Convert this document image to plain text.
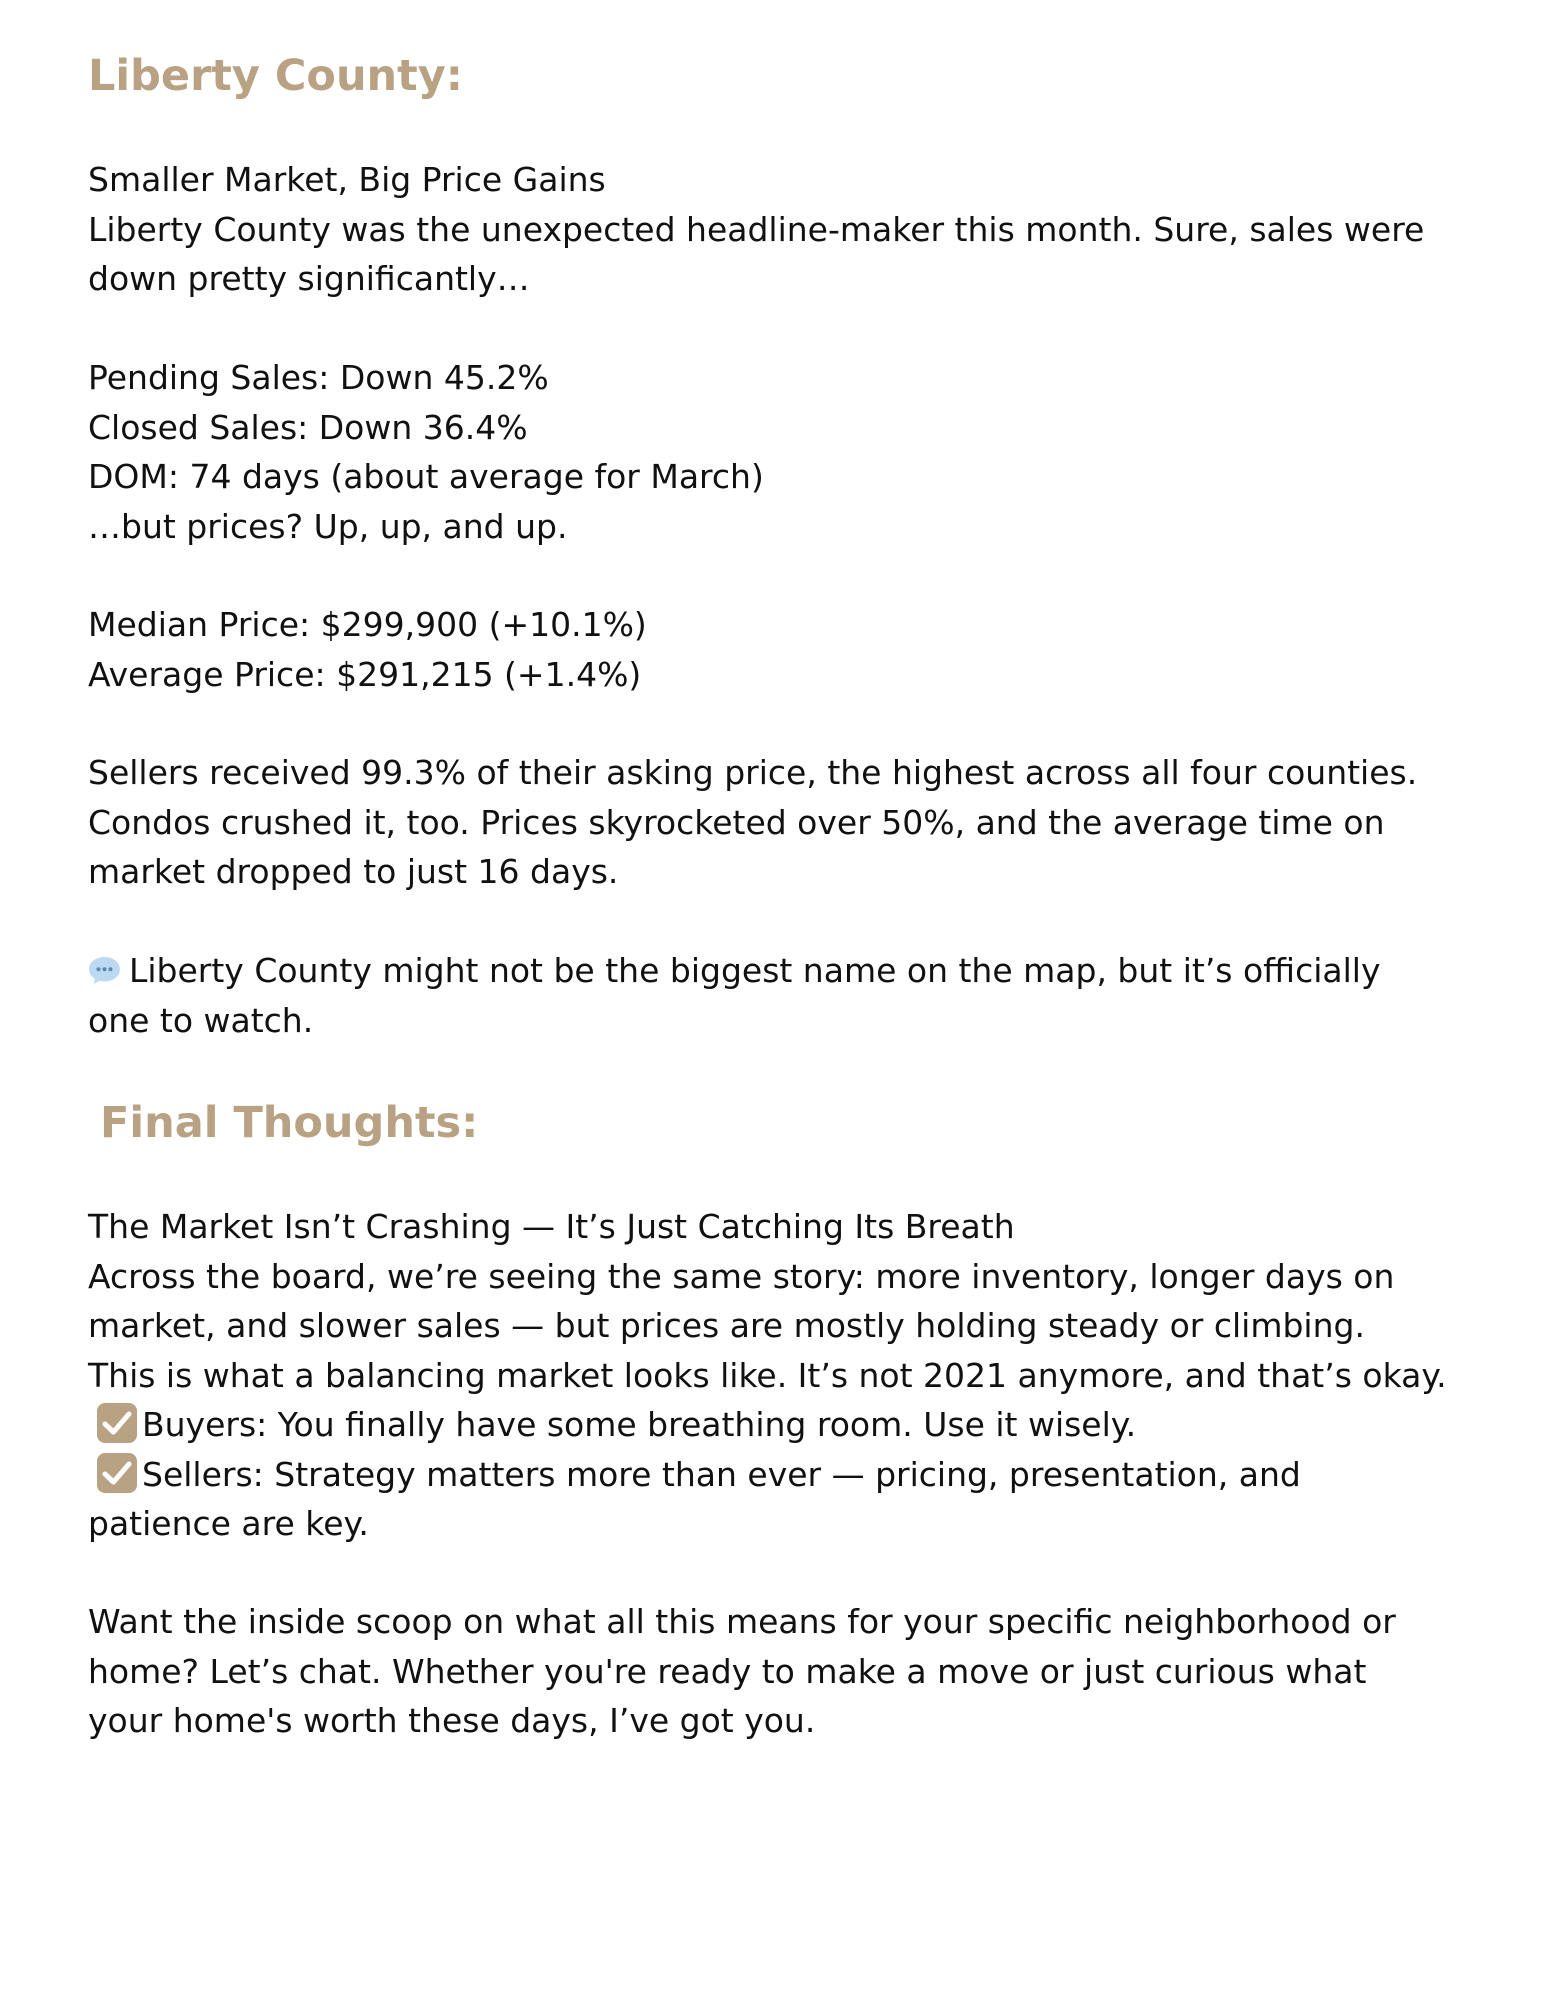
Liberty County:
Smaller Market, Big Price Gains
Liberty County was the unexpected headline-maker this month. Sure, sales were
down pretty significantly…
Pending Sales: Down 45.2%
Closed Sales: Down 36.4%
DOM: 74 days (about average for March)
…but prices? Up, up, and up.
Median Price: $299,900 (+10.1%)
Average Price: $291,215 (+1.4%)
Sellers received 99.3% of their asking price, the highest across all four counties.
Condos crushed it, too. Prices skyrocketed over 50%, and the average time on
market dropped to just 16 days.
Liberty County might not be the biggest name on the map, but it’s officially
one to watch.
Final Thoughts:
The Market Isn’t Crashing — It’s Just Catching Its Breath
Across the board, we’re seeing the same story: more inventory, longer days on
market, and slower sales — but prices are mostly holding steady or climbing.
This is what a balancing market looks like. It’s not 2021 anymore, and that’s okay.
Buyers: You finally have some breathing room. Use it wisely.
Sellers: Strategy matters more than ever — pricing, presentation, and
patience are key.
Want the inside scoop on what all this means for your specific neighborhood or
home? Let’s chat. Whether you're ready to make a move or just curious what
your home's worth these days, I’ve got you.
